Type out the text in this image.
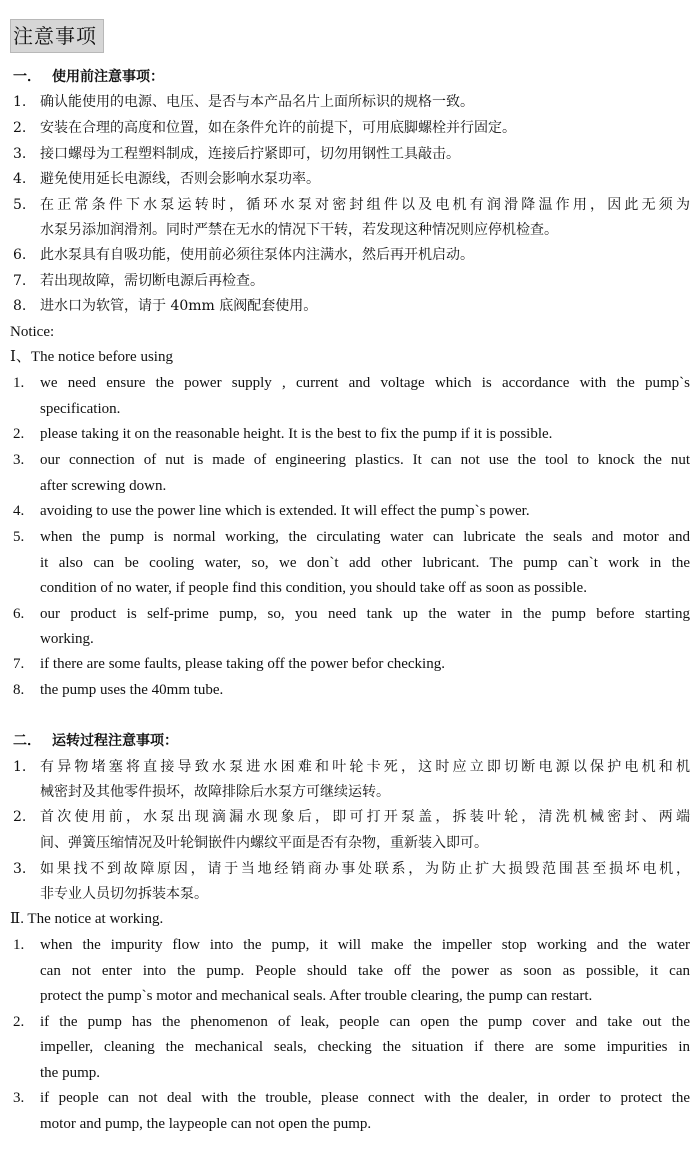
注意事项
一． 使用前注意事项：
1. 确认能使用的电源、电压、是否与本产品名片上面所标识的规格一致。
2. 安装在合理的高度和位置，如在条件允许的前提下，可用底脚螺栓并行固定。
3. 接口螺母为工程塑料制成，连接后拧紧即可，切勿用钢性工具敲击。
4. 避免使用延长电源线，否则会影响水泵功率。
5. 在正常条件下水泵运转时，循环水泵对密封组件以及电机有润滑降温作用，因此无须为
水泵另添加润滑剂。同时严禁在无水的情况下干转，若发现这种情况则应停机检查。
6. 此水泵具有自吸功能，使用前必须往泵体内注满水，然后再开机启动。
7. 若出现故障，需切断电源后再检查。
8. 进水口为软管，请于 40mm 底阀配套使用。
Notice:
Ⅰ、The notice before using
1. we need ensure the power supply , current and voltage which is accordance with the pump`s
specification.
2. please taking it on the reasonable height. It is the best to fix the pump if it is possible.
3. our connection of nut is made of engineering plastics. It can not use the tool to knock the nut
after screwing down.
4. avoiding to use the power line which is extended. It will effect the pump`s power.
5. when the pump is normal working, the circulating water can lubricate the seals and motor and
it also can be cooling water, so, we don`t add other lubricant. The pump can`t work in the
condition of no water, if people find this condition, you should take off as soon as possible.
6. our product is self-prime pump, so, you need tank up the water in the pump before starting
working.
7. if there are some faults, please taking off the power befor checking.
8. the pump uses the 40mm tube.
二． 运转过程注意事项：
1. 有异物堵塞将直接导致水泵进水困难和叶轮卡死，这时应立即切断电源以保护电机和机
械密封及其他零件损坏，故障排除后水泵方可继续运转。
2. 首次使用前，水泵出现滴漏水现象后，即可打开泵盖，拆装叶轮，清洗机械密封、两端
间、弹簧压缩情况及叶轮铜嵌件内螺纹平面是否有杂物，重新装入即可。
3. 如果找不到故障原因，请于当地经销商办事处联系，为防止扩大损毁范围甚至损坏电机，
非专业人员切勿拆装本泵。
Ⅱ. The notice at working.
1. when the impurity flow into the pump, it will make the impeller stop working and the water
can not enter into the pump. People should take off the power as soon as possible, it can
protect the pump`s motor and mechanical seals. After trouble clearing, the pump can restart.
2. if the pump has the phenomenon of leak, people can open the pump cover and take out the
impeller, cleaning the mechanical seals, checking the situation if there are some impurities in
the pump.
3. if people can not deal with the trouble, please connect with the dealer, in order to protect the
motor and pump, the laypeople can not open the pump.
